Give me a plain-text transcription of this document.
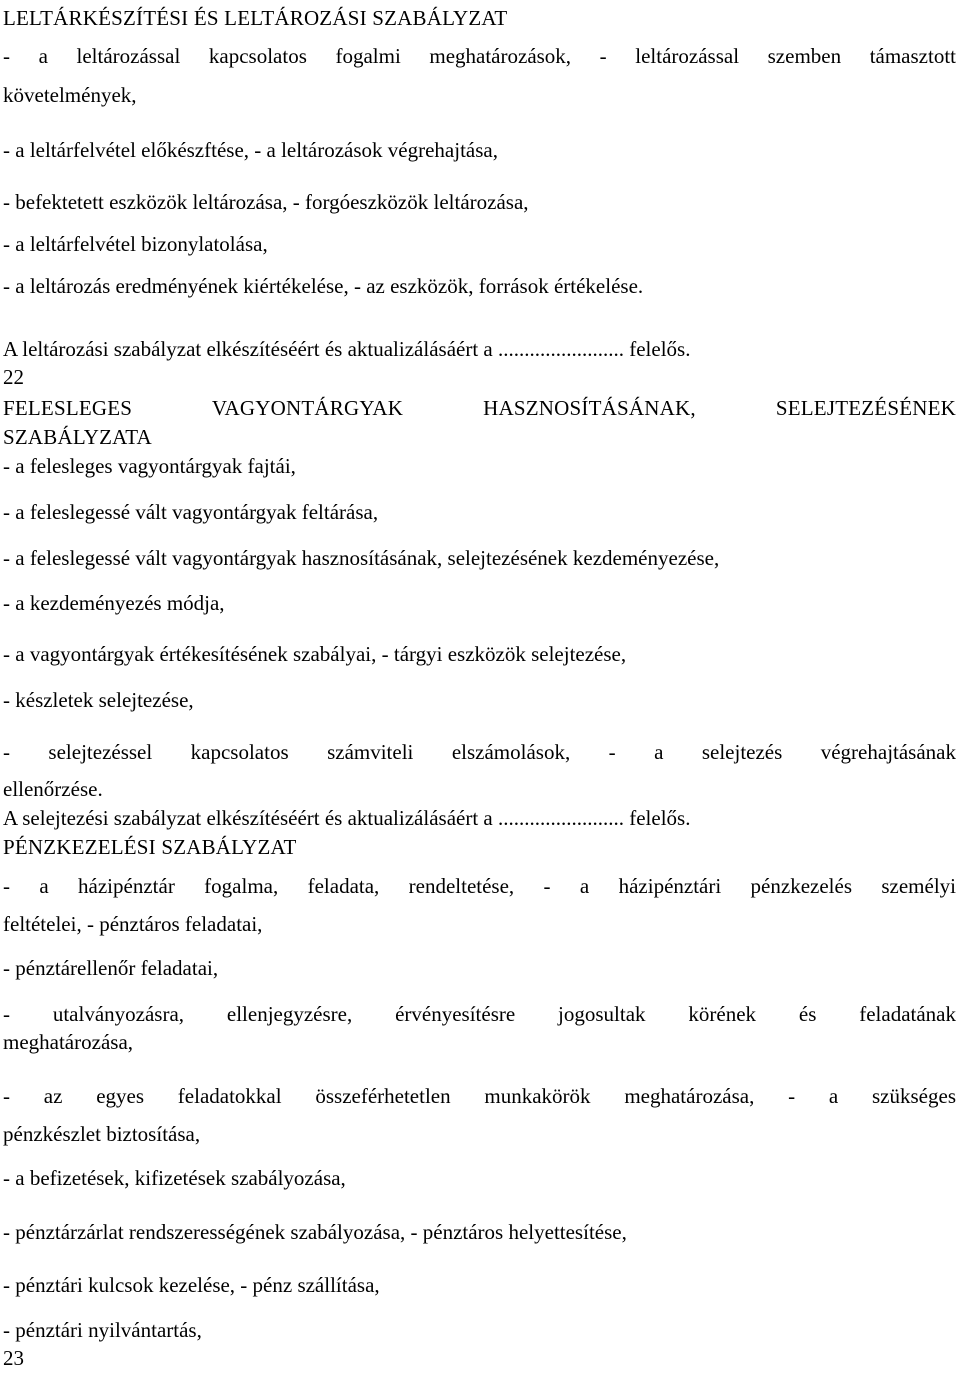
LELTÁRKÉSZÍTÉSI ÉS LELTÁROZÁSI SZABÁLYZAT
- a leltározással kapcsolatos fogalmi meghatározások, - leltározással szemben támasztott
követelmények,
- a leltárfelvétel előkészftése, - a leltározások végrehajtása,
- befektetett eszközök leltározása, - forgóeszközök leltározása,
- a leltárfelvétel bizonylatolása,
- a leltározás eredményének kiértékelése, - az eszközök, források értékelése.
A leltározási szabályzat elkészítéséért és aktualizálásáért a ........................ felelős.
22
FELESLEGES VAGYONTÁRGYAK HASZNOSÍTÁSÁNAK, SELEJTEZÉSÉNEK
SZABÁLYZATA
- a felesleges vagyontárgyak fajtái,
- a feleslegessé vált vagyontárgyak feltárása,
- a feleslegessé vált vagyontárgyak hasznosításának, selejtezésének kezdeményezése,
- a kezdeményezés módja,
- a vagyontárgyak értékesítésének szabályai, - tárgyi eszközök selejtezése,
- készletek selejtezése,
- selejtezéssel kapcsolatos számviteli elszámolások, - a selejtezés végrehajtásának
ellenőrzése.
A selejtezési szabályzat elkészítéséért és aktualizálásáért a ........................ felelős.
PÉNZKEZELÉSI SZABÁLYZAT
- a házipénztár fogalma, feladata, rendeltetése, - a házipénztári pénzkezelés személyi
feltételei, - pénztáros feladatai,
- pénztárellenőr feladatai,
- utalványozásra, ellenjegyzésre, érvényesítésre jogosultak körének és feladatának
meghatározása,
- az egyes feladatokkal összeférhetetlen munkakörök meghatározása, - a szükséges
pénzkészlet biztosítása,
- a befizetések, kifizetések szabályozása,
- pénztárzárlat rendszerességének szabályozása, - pénztáros helyettesítése,
- pénztári kulcsok kezelése, - pénz szállítása,
- pénztári nyilvántartás,
23
